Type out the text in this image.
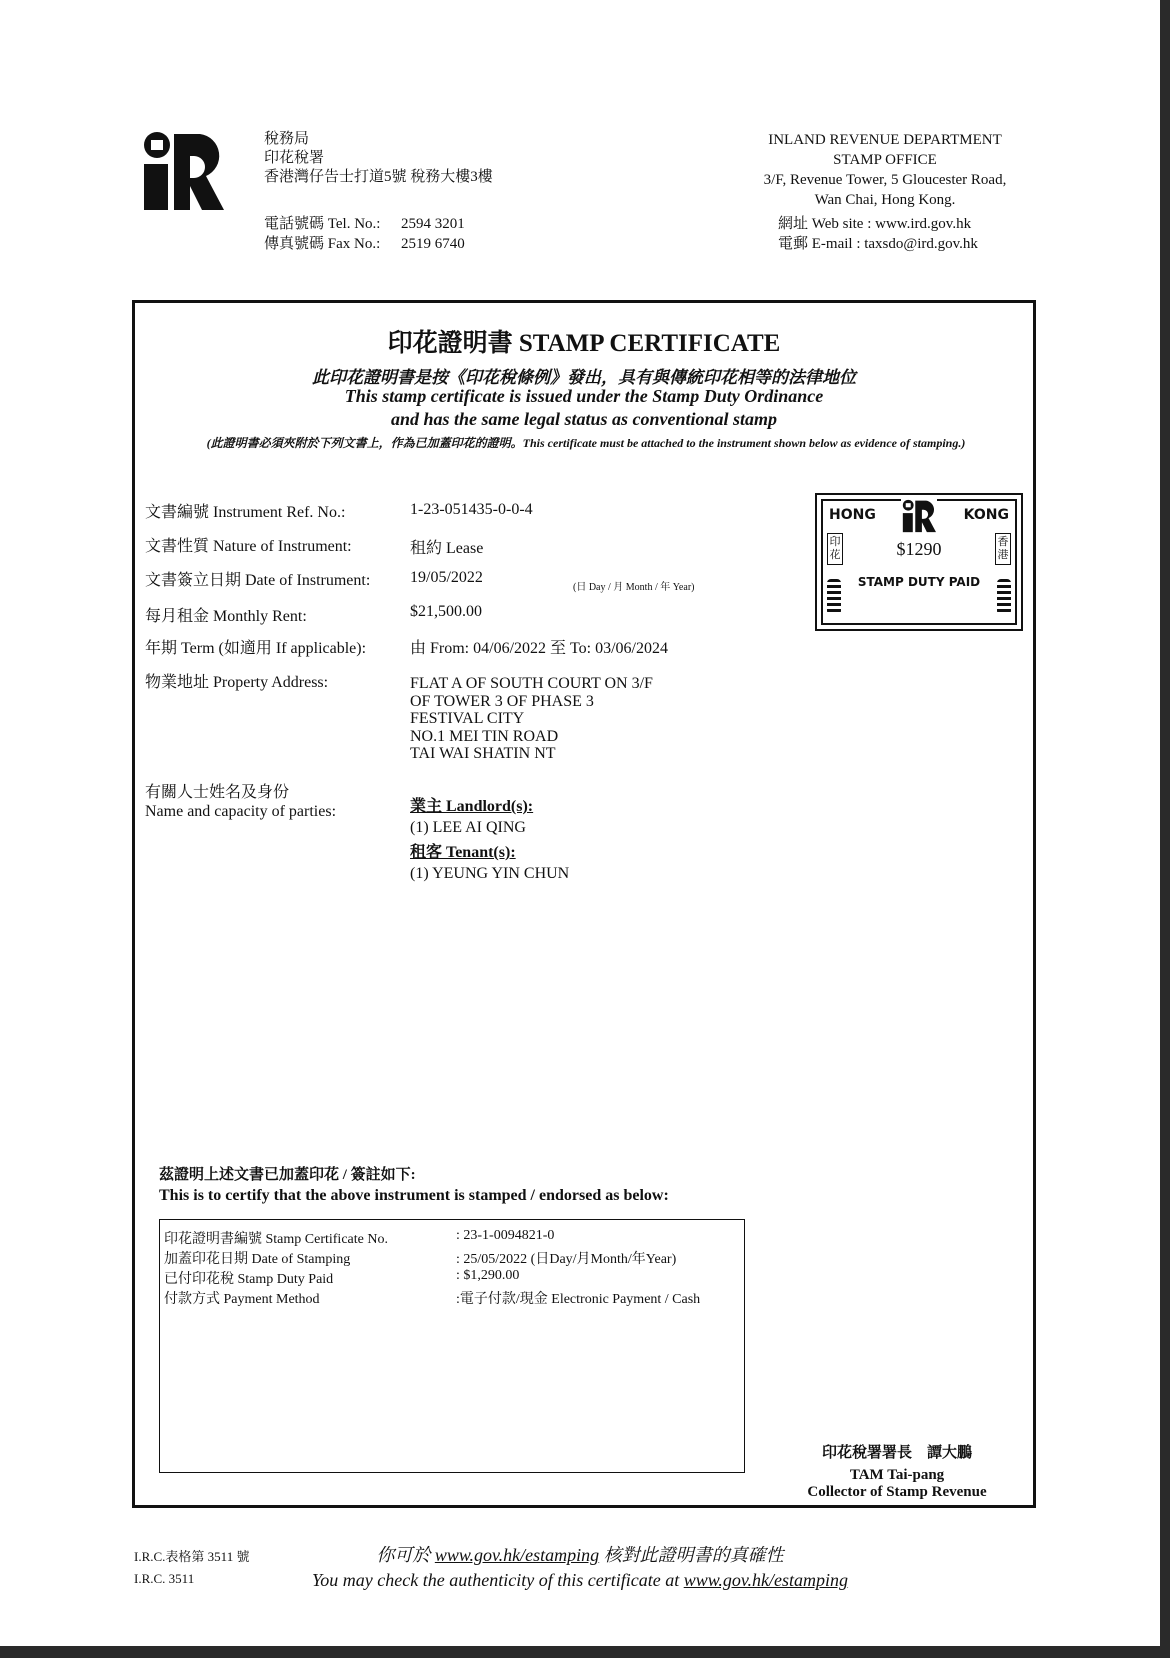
稅務局
印花稅署
香港灣仔告士打道5號 稅務大樓3樓
INLAND REVENUE DEPARTMENT
STAMP OFFICE
3/F, Revenue Tower, 5 Gloucester Road,
Wan Chai, Hong Kong.
電話號碼 Tel. No.: 2594 3201
傳真號碼 Fax No.: 2519 6740
網址 Web site : www.ird.gov.hk
電郵 E-mail : taxsdo@ird.gov.hk
印花證明書 STAMP CERTIFICATE
此印花證明書是按《印花稅條例》發出，具有與傳統印花相等的法律地位
This stamp certificate is issued under the Stamp Duty Ordinance
and has the same legal status as conventional stamp
(此證明書必須夾附於下列文書上，作為已加蓋印花的證明。This certificate must be attached to the instrument shown below as evidence of stamping.)
文書編號 Instrument Ref. No.:	1-23-051435-0-0-4
文書性質 Nature of Instrument:	租約 Lease
文書簽立日期 Date of Instrument: 19/05/2022
(日 Day / 月 Month / 年 Year)
每月租金 Monthly Rent:	$21,500.00
年期 Term (如適用 If applicable):	由 From: 04/06/2022 至 To: 03/06/2024
物業地址 Property Address:	FLAT A OF SOUTH COURT ON 3/F
OF TOWER 3 OF PHASE 3
FESTIVAL CITY
NO.1 MEI TIN ROAD
TAI WAI SHATIN NT
有關人士姓名及身份
Name and capacity of parties:	業主 Landlord(s):
(1) LEE AI QING
租客 Tenant(s):
(1) YEUNG YIN CHUN
HONG	KONG
印花
香港
$1290
STAMP DUTY PAID
茲證明上述文書已加蓋印花 / 簽註如下:
This is to certify that the above instrument is stamped / endorsed as below:
印花證明書編號 Stamp Certificate No.	: 23-1-0094821-0
加蓋印花日期 Date of Stamping	: 25/05/2022 (日Day/月Month/年Year)
已付印花稅 Stamp Duty Paid	: $1,290.00
付款方式 Payment Method	:電子付款/現金 Electronic Payment / Cash
印花稅署署長　譚大鵬
TAM Tai-pang
Collector of Stamp Revenue
I.R.C.表格第 3511 號
I.R.C. 3511
你可於 www.gov.hk/estamping 核對此證明書的真確性
You may check the authenticity of this certificate at www.gov.hk/estamping
